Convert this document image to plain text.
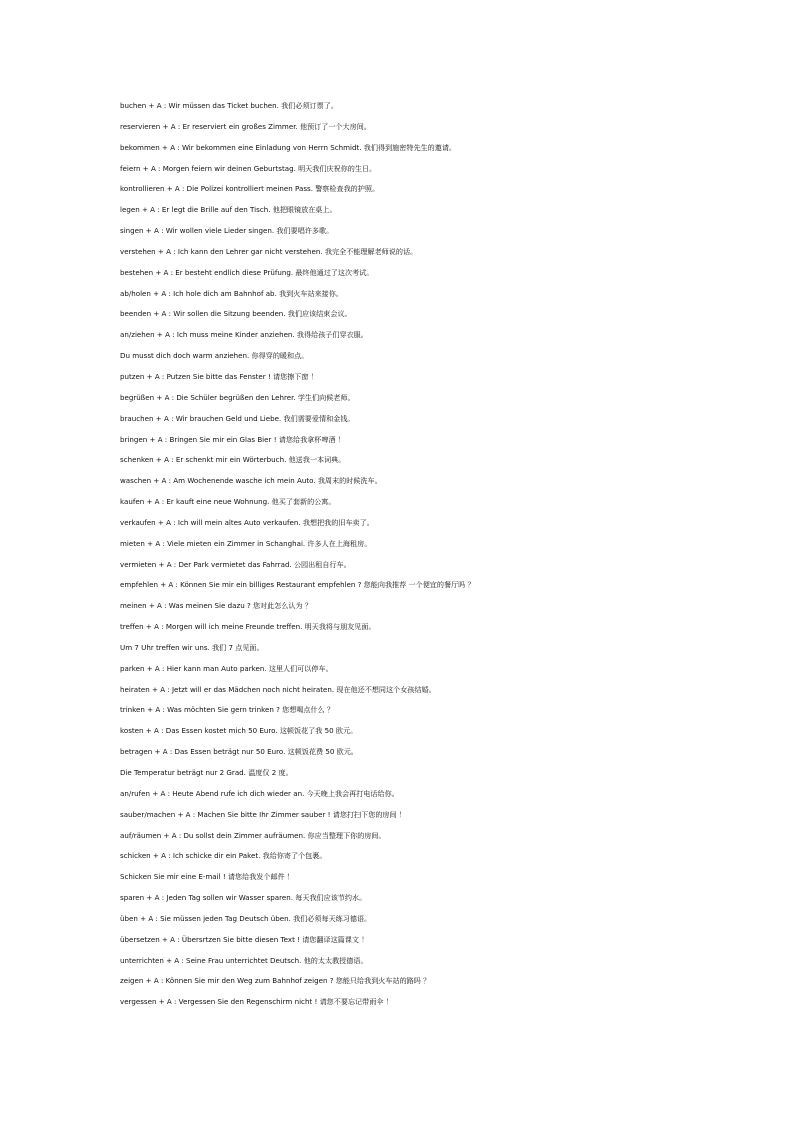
buchen + A : Wir müssen das Ticket buchen. 我们必须订票了。
reservieren + A : Er reserviert ein großes Zimmer. 他预订了一个大房间。
bekommen + A : Wir bekommen eine Einladung von Herrn Schmidt. 我们得到施密特先生的邀请。
feiern + A : Morgen feiern wir deinen Geburtstag. 明天我们庆祝你的生日。
kontrollieren + A : Die Polizei kontrolliert meinen Pass. 警察检查我的护照。
legen + A : Er legt die Brille auf den Tisch. 他把眼镜放在桌上。
singen + A : Wir wollen viele Lieder singen. 我们要唱许多歌。
verstehen + A : Ich kann den Lehrer gar nicht verstehen. 我完全不能理解老师说的话。
bestehen + A : Er besteht endlich diese Prüfung. 最终他通过了这次考试。
ab/holen + A : Ich hole dich am Bahnhof ab. 我到火车站来接你。
beenden + A : Wir sollen die Sitzung beenden. 我们应该结束会议。
an/ziehen + A : Ich muss meine Kinder anziehen. 我得给孩子们穿衣服。
Du musst dich doch warm anziehen. 你得穿的暖和点。
putzen + A : Putzen Sie bitte das Fenster ! 请您擦下窗 ！
begrüßen + A : Die Schüler begrüßen den Lehrer. 学生们向候老师。
brauchen + A : Wir brauchen Geld und Liebe. 我们需要爱情和金钱。
bringen + A : Bringen Sie mir ein Glas Bier ! 请您给我拿杯啤酒 ！
schenken + A : Er schenkt mir ein Wörterbuch. 他送我一本词典。
waschen + A : Am Wochenende wasche ich mein Auto. 我周末的时候洗车。
kaufen + A : Er kauft eine neue Wohnung. 他买了套新的公寓。
verkaufen + A : Ich will mein altes Auto verkaufen. 我想把我的旧车卖了。
mieten + A : Viele mieten ein Zimmer in Schanghai. 许多人在上海租房。
vermieten + A : Der Park vermietet das Fahrrad. 公园出租自行车。
empfehlen + A : Können Sie mir ein billiges Restaurant empfehlen ? 您能向我推荐 一个便宜的餐厅吗 ？
meinen + A : Was meinen Sie dazu ? 您对此怎么认为 ？
treffen + A : Morgen will ich meine Freunde treffen. 明天我将与朋友见面。
Um 7 Uhr treffen wir uns. 我们 7 点见面。
parken + A : Hier kann man Auto parken. 这里人们可以停车。
heiraten + A : Jetzt will er das Mädchen noch nicht heiraten. 现在他还不想同这个女孩结婚。
trinken + A : Was möchten Sie gern trinken ? 您想喝点什么 ？
kosten + A : Das Essen kostet mich 50 Euro. 这顿饭花了我 50 欧元。
betragen + A : Das Essen beträgt nur 50 Euro. 这顿饭花费 50 欧元。
Die Temperatur beträgt nur 2 Grad. 温度仅 2 度。
an/rufen + A : Heute Abend rufe ich dich wieder an. 今天晚上我会再打电话给你。
sauber/machen + A : Machen Sie bitte Ihr Zimmer sauber ! 请您打扫下您的房间 ！
auf/räumen + A : Du sollst dein Zimmer aufräumen. 你应当整理下你的房间。
schicken + A : Ich schicke dir ein Paket. 我给你寄了个包裹。
Schicken Sie mir eine E-mail ! 请您给我发个邮件 ！
sparen + A : Jeden Tag sollen wir Wasser sparen. 每天我们应该节约水。
üben + A : Sie müssen jeden Tag Deutsch üben. 我们必须每天练习德语。
übersetzen + A : Übersrtzen Sie bitte diesen Text ! 请您翻译这篇课文 ！
unterrichten + A : Seine Frau unterrichtet Deutsch. 他的太太教授德语。
zeigen + A : Können Sie mir den Weg zum Bahnhof zeigen ? 您能只给我到火车站的路吗 ？
vergessen + A : Vergessen Sie den Regenschirm nicht ! 请您不要忘记带雨伞 ！
